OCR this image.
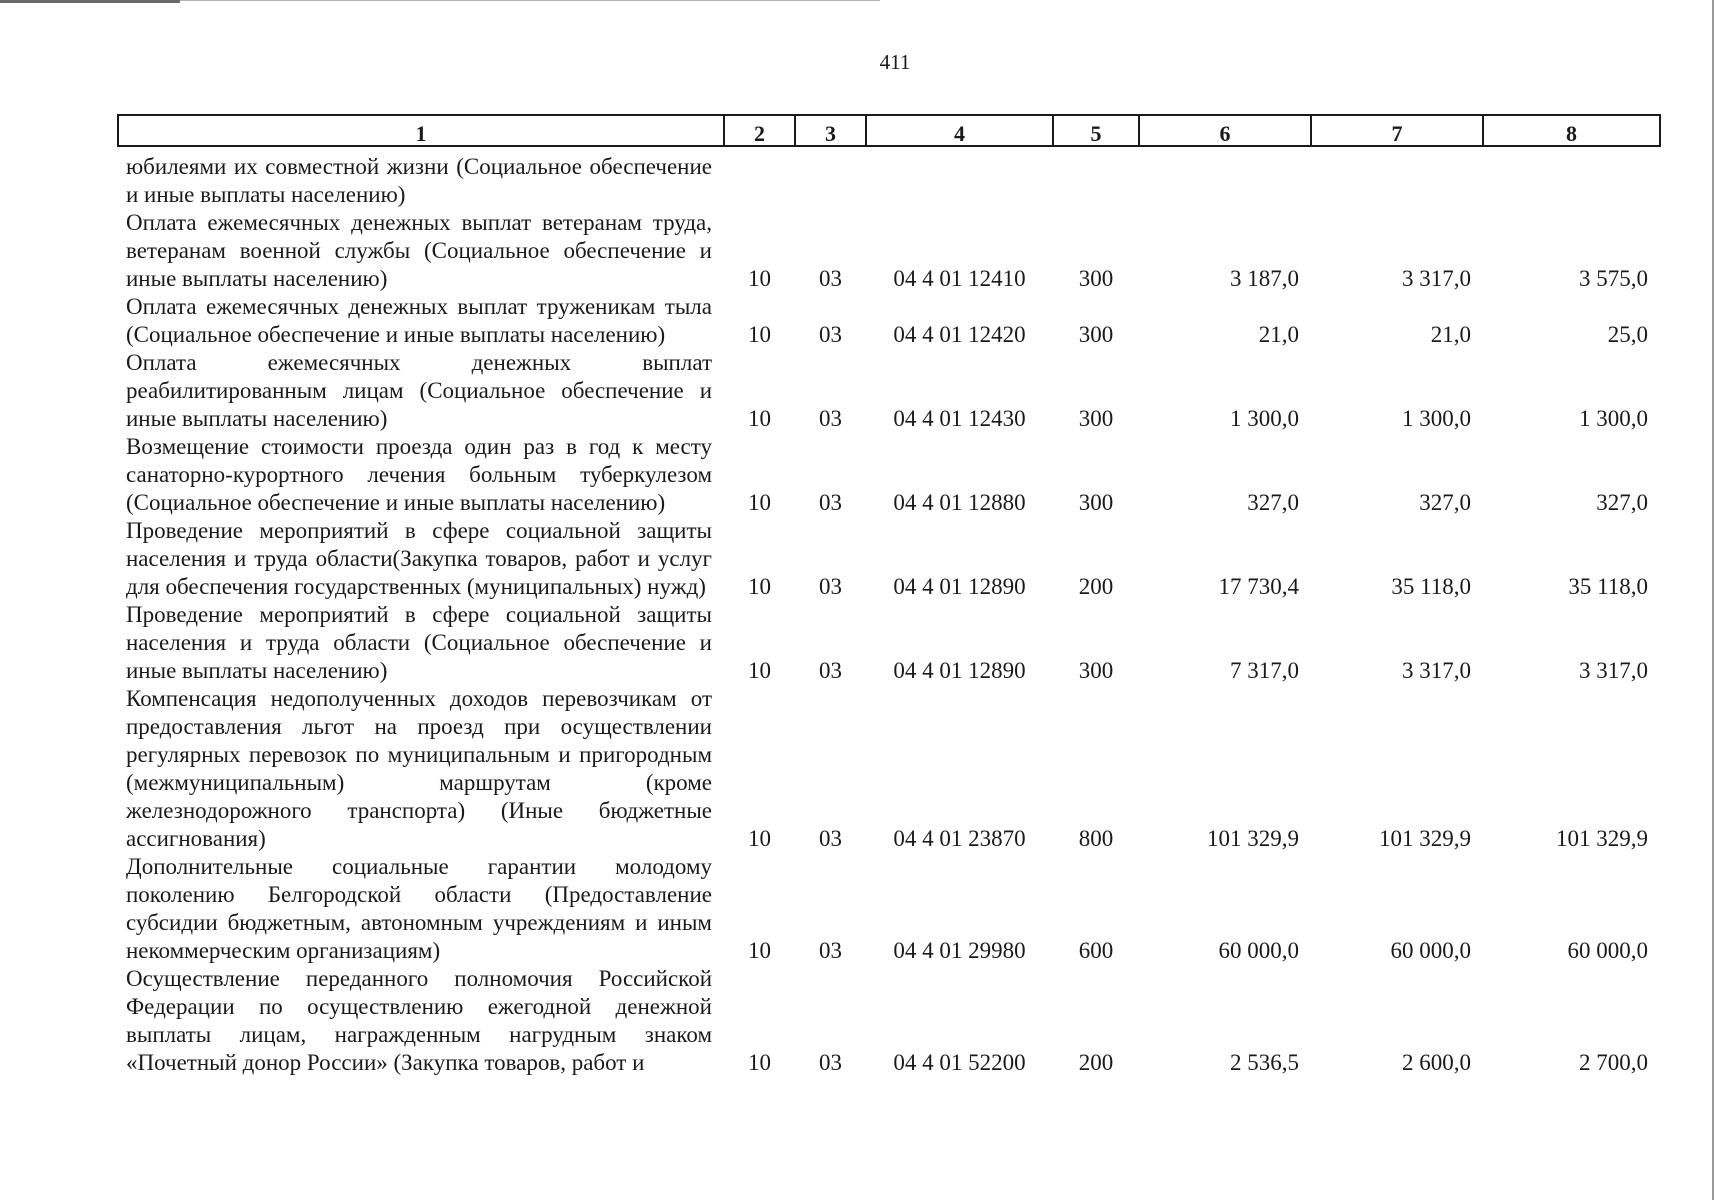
411
1	2	3	4	5	6	7	8
юбилеями их совместной жизни (Социальное обеспечение и иные выплаты населению)							
Оплата ежемесячных денежных выплат ветеранам труда, ветеранам военной службы (Социальное обеспечение и иные выплаты населению)	10	03	04 4 01 12410	300	3 187,0	3 317,0	3 575,0
Оплата ежемесячных денежных выплат труженикам тыла (Социальное обеспечение и иные выплаты населению)	10	03	04 4 01 12420	300	21,0	21,0	25,0
Оплата ежемесячных денежных выплат реабилитированным лицам (Социальное обеспечение и иные выплаты населению)	10	03	04 4 01 12430	300	1 300,0	1 300,0	1 300,0
Возмещение стоимости проезда один раз в год к месту санаторно-курортного лечения больным туберкулезом (Социальное обеспечение и иные выплаты населению)	10	03	04 4 01 12880	300	327,0	327,0	327,0
Проведение мероприятий в сфере социальной защиты населения и труда области(Закупка товаров, работ и услуг для обеспечения государственных (муниципальных) нужд)	10	03	04 4 01 12890	200	17 730,4	35 118,0	35 118,0
Проведение мероприятий в сфере социальной защиты населения и труда области (Социальное обеспечение и иные выплаты населению)	10	03	04 4 01 12890	300	7 317,0	3 317,0	3 317,0
Компенсация недополученных доходов перевозчикам от предоставления льгот на проезд при осуществлении регулярных перевозок по муниципальным и пригородным (межмуниципальным) маршрутам (кроме железнодорожного транспорта) (Иные бюджетные ассигнования)	10	03	04 4 01 23870	800	101 329,9	101 329,9	101 329,9
Дополнительные социальные гарантии молодому поколению Белгородской области (Предоставление субсидии бюджетным, автономным учреждениям и иным некоммерческим организациям)	10	03	04 4 01 29980	600	60 000,0	60 000,0	60 000,0
Осуществление переданного полномочия Российской Федерации по осуществлению ежегодной денежной выплаты лицам, награжденным нагрудным знаком «Почетный донор России» (Закупка товаров, работ и	10	03	04 4 01 52200	200	2 536,5	2 600,0	2 700,0
